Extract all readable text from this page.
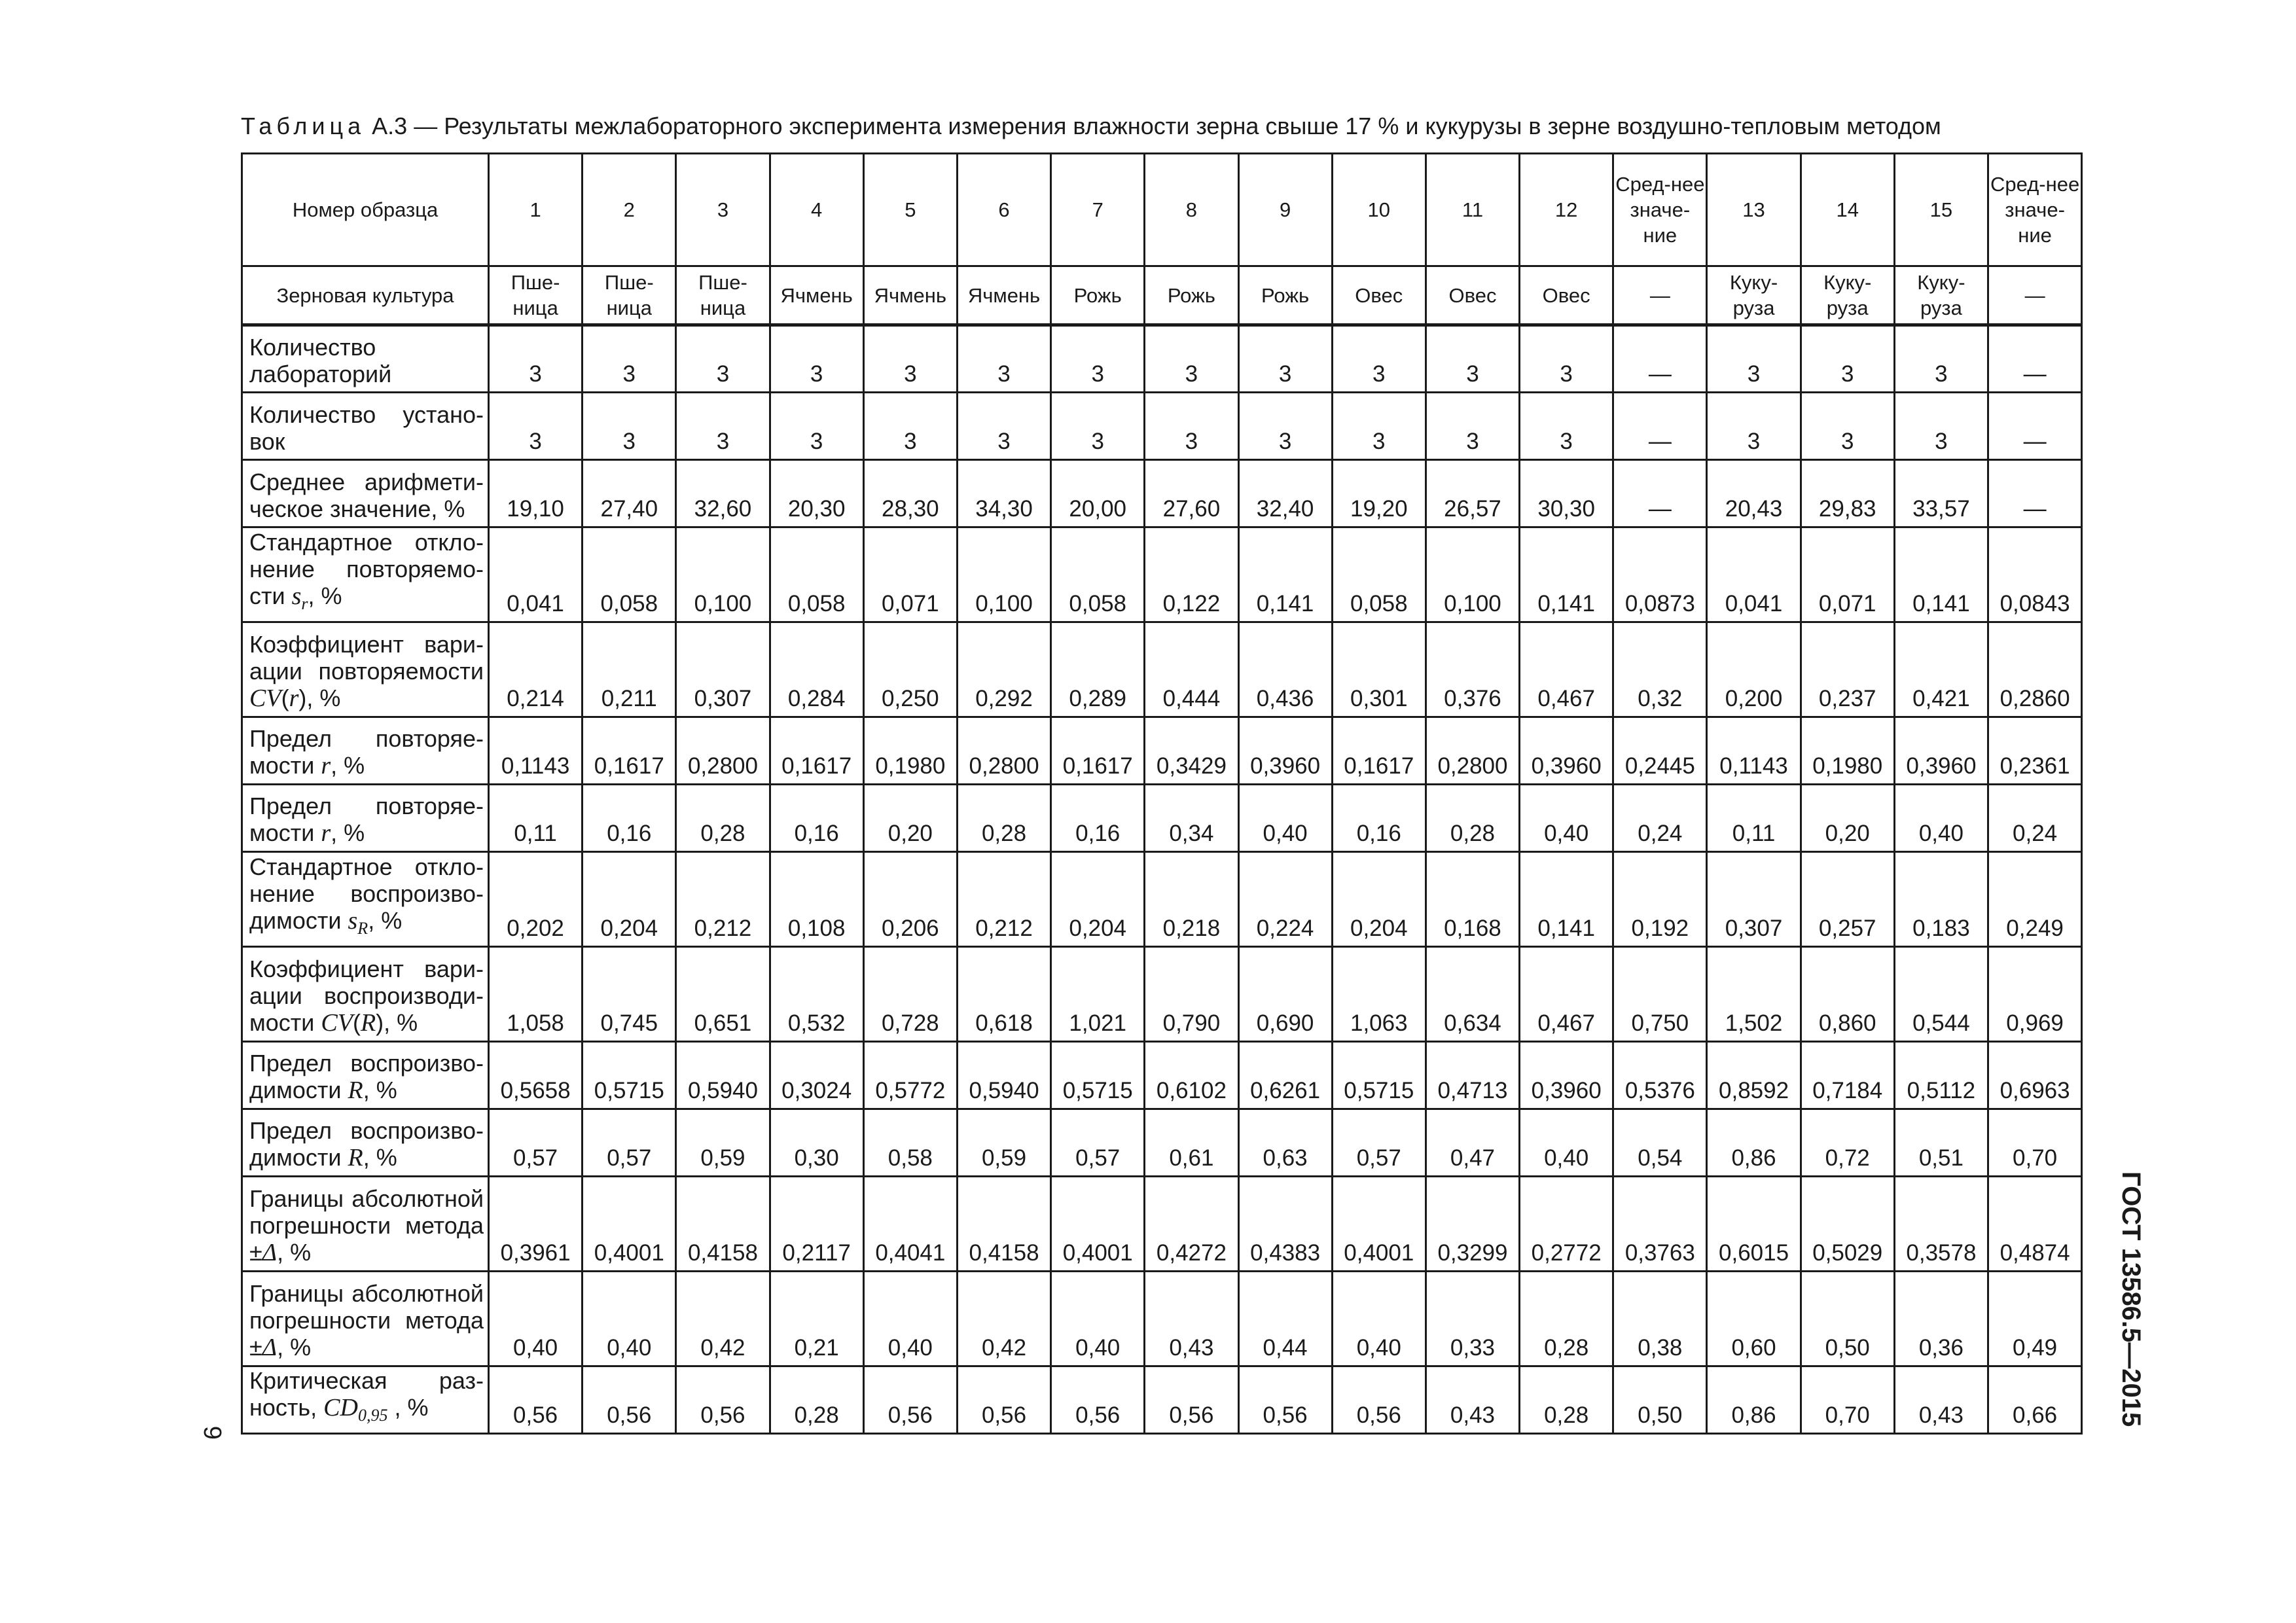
Таблица А.3 — Результаты межлабораторного эксперимента измерения влажности зерна свыше 17 % и кукурузы в зерне воздушно-тепловым методом
Номер образца	1	2	3	4	5	6	7	8	9	10	11	12	Сред-нее значе-ние	13	14	15	Сред-нее значе-ние
Зерновая культура	Пше-ница	Пше-ница	Пше-ница	Ячмень	Ячмень	Ячмень	Рожь	Рожь	Рожь	Овес	Овес	Овес	—	Куку-руза	Куку-руза	Куку-руза	—
Количество лабораторий	3	3	3	3	3	3	3	3	3	3	3	3	—	3	3	3	—
Количество установок	3	3	3	3	3	3	3	3	3	3	3	3	—	3	3	3	—
Среднее арифметическое значение, %	19,10	27,40	32,60	20,30	28,30	34,30	20,00	27,60	32,40	19,20	26,57	30,30	—	20,43	29,83	33,57	—
Стандартное отклонение повторяемости $s_r$, %	0,041	0,058	0,100	0,058	0,071	0,100	0,058	0,122	0,141	0,058	0,100	0,141	0,0873	0,041	0,071	0,141	0,0843
Коэффициент вариации повторяемости CV(r), %	0,214	0,211	0,307	0,284	0,250	0,292	0,289	0,444	0,436	0,301	0,376	0,467	0,32	0,200	0,237	0,421	0,2860
Предел повторяемости r, %	0,1143	0,1617	0,2800	0,1617	0,1980	0,2800	0,1617	0,3429	0,3960	0,1617	0,2800	0,3960	0,2445	0,1143	0,1980	0,3960	0,2361
Предел повторяемости r, %	0,11	0,16	0,28	0,16	0,20	0,28	0,16	0,34	0,40	0,16	0,28	0,40	0,24	0,11	0,20	0,40	0,24
Стандартное отклонение воспроизводимости $s_R$, %	0,202	0,204	0,212	0,108	0,206	0,212	0,204	0,218	0,224	0,204	0,168	0,141	0,192	0,307	0,257	0,183	0,249
Коэффициент вариации воспроизводимости CV(R), %	1,058	0,745	0,651	0,532	0,728	0,618	1,021	0,790	0,690	1,063	0,634	0,467	0,750	1,502	0,860	0,544	0,969
Предел воспроизводимости R, %	0,5658	0,5715	0,5940	0,3024	0,5772	0,5940	0,5715	0,6102	0,6261	0,5715	0,4713	0,3960	0,5376	0,8592	0,7184	0,5112	0,6963
Предел воспроизводимости R, %	0,57	0,57	0,59	0,30	0,58	0,59	0,57	0,61	0,63	0,57	0,47	0,40	0,54	0,86	0,72	0,51	0,70
Границы абсолютной погрешности метода ±Δ, %	0,3961	0,4001	0,4158	0,2117	0,4041	0,4158	0,4001	0,4272	0,4383	0,4001	0,3299	0,2772	0,3763	0,6015	0,5029	0,3578	0,4874
Границы абсолютной погрешности метода ±Δ, %	0,40	0,40	0,42	0,21	0,40	0,42	0,40	0,43	0,44	0,40	0,33	0,28	0,38	0,60	0,50	0,36	0,49
Критическая разность, $CD_{0,95}$ , %	0,56	0,56	0,56	0,28	0,56	0,56	0,56	0,56	0,56	0,56	0,43	0,28	0,50	0,86	0,70	0,43	0,66 ГОСТ 13586.5—2015
6
